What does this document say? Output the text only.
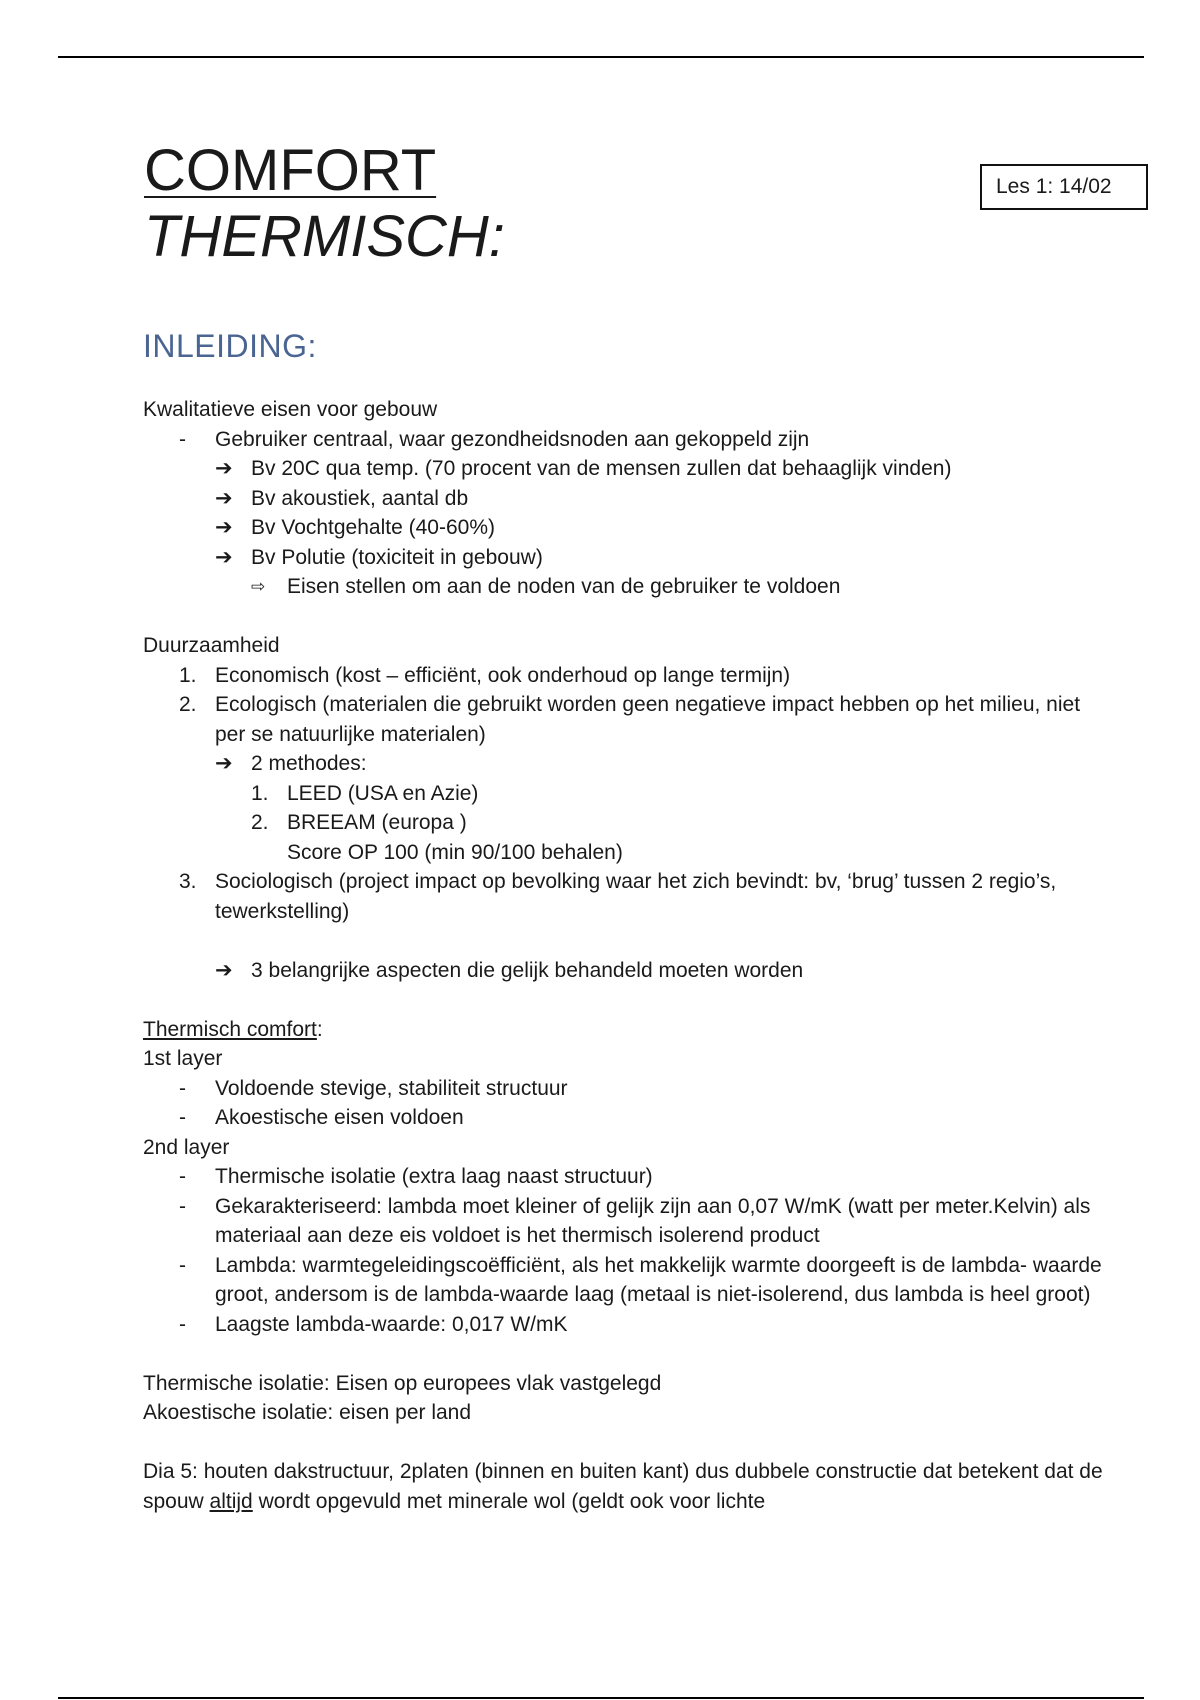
COMFORT
THERMISCH:
Les 1: 14/02
INLEIDING:
Kwalitatieve eisen voor gebouw
- Gebruiker centraal, waar gezondheidsnoden aan gekoppeld zijn
➔ Bv 20C qua temp. (70 procent van de mensen zullen dat behaaglijk vinden)
➔ Bv akoustiek, aantal db
➔ Bv Vochtgehalte (40-60%)
➔ Bv Polutie (toxiciteit in gebouw)
⇨ Eisen stellen om aan de noden van de gebruiker te voldoen
Duurzaamheid
1. Economisch (kost – efficiënt, ook onderhoud op lange termijn)
2. Ecologisch (materialen die gebruikt worden geen negatieve impact hebben op het milieu, niet per se natuurlijke materialen)
➔ 2 methodes:
1. LEED (USA en Azie)
2. BREEAM (europa )
Score OP 100 (min 90/100 behalen)
3. Sociologisch (project impact op bevolking waar het zich bevindt: bv, ‘brug’ tussen 2 regio’s, tewerkstelling)
➔ 3 belangrijke aspecten die gelijk behandeld moeten worden
Thermisch comfort:
1st layer
- Voldoende stevige, stabiliteit structuur
- Akoestische eisen voldoen
2nd layer
- Thermische isolatie (extra laag naast structuur)
- Gekarakteriseerd: lambda moet kleiner of gelijk zijn aan 0,07 W/mK (watt per meter.Kelvin) als materiaal aan deze eis voldoet is het thermisch isolerend product
- Lambda: warmtegeleidingscoëfficiënt, als het makkelijk warmte doorgeeft is de lambda- waarde groot, andersom is de lambda-waarde laag (metaal is niet-isolerend, dus lambda is heel groot)
- Laagste lambda-waarde: 0,017 W/mK
Thermische isolatie: Eisen op europees vlak vastgelegd
Akoestische isolatie: eisen per land
Dia 5: houten dakstructuur, 2platen (binnen en buiten kant) dus dubbele constructie dat betekent dat de spouw altijd wordt opgevuld met minerale wol (geldt ook voor lichte
